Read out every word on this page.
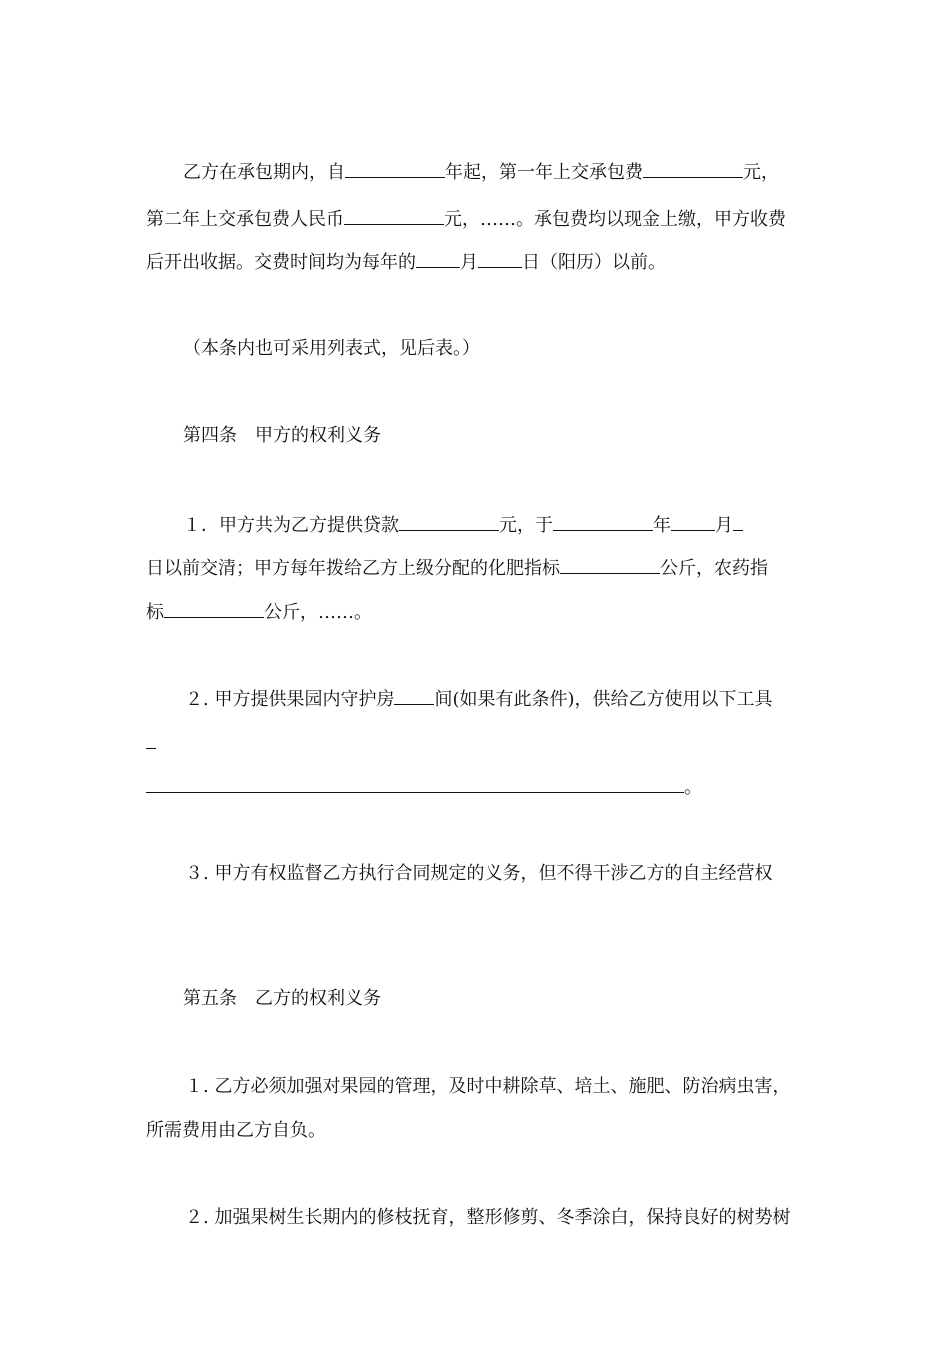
乙方在承包期内，自	年起，第一年上交承包费	元，
第二年上交承包费人民币	元，……。承包费均以现金上缴，甲方收费
后开出收据。交费时间均为每年的 月 日（阳历）以前。
（本条内也可采用列表式，见后表。）
第四条　甲方的权利义务
１．甲方共为乙方提供贷款	元，于	年 月
日以前交清；甲方每年拨给乙方上级分配的化肥指标	公斤，农药指
标	公斤，……。
２. 甲方提供果园内守护房 间(如果有此条件)，供给乙方使用以下工具
。
３. 甲方有权监督乙方执行合同规定的义务，但不得干涉乙方的自主经营权
第五条　乙方的权利义务
１. 乙方必须加强对果园的管理，及时中耕除草、培土、施肥、防治病虫害，
所需费用由乙方自负。
２. 加强果树生长期内的修枝抚育，整形修剪、冬季涂白，保持良好的树势树
